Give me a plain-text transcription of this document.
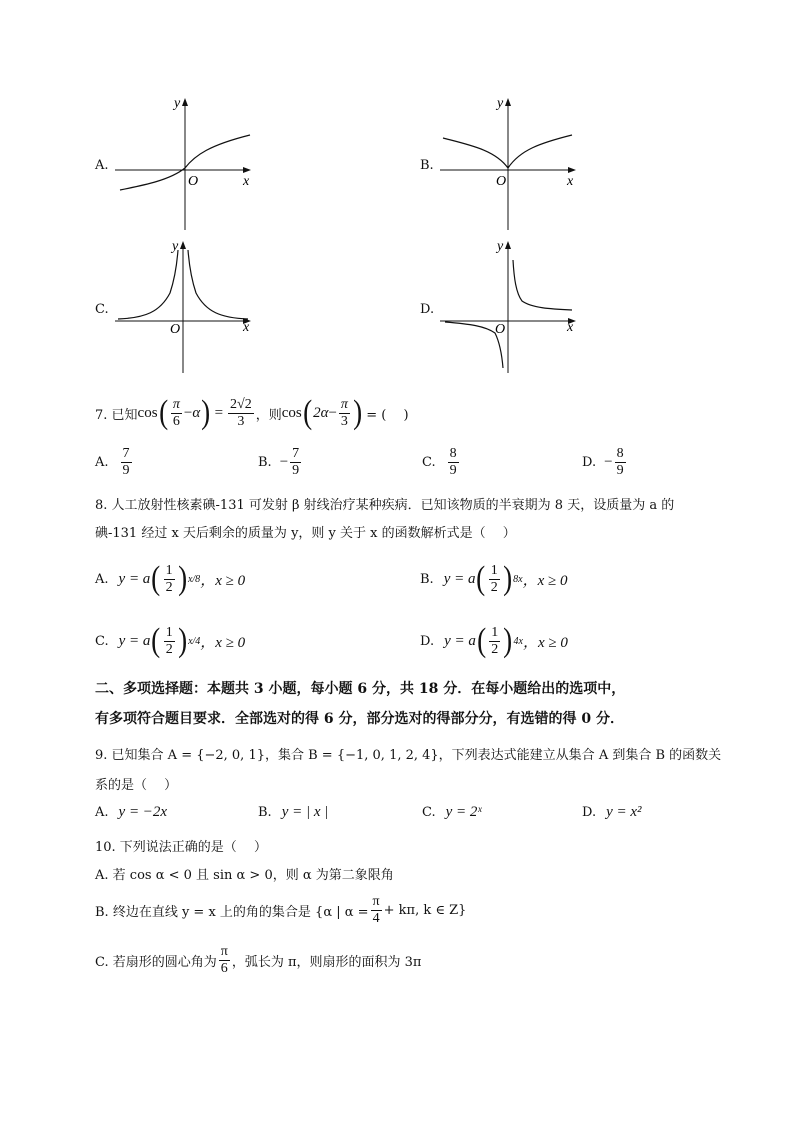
A.
y
x
O
B.
y
x
O
C.
y
x
O
D.
y
x
O
7. 已知 cos ( $\frac{\pi}{6} - \alpha$ ) = $\frac{2√2}{3}$ ，则 cos ( $2\alpha - \frac{\pi}{3}$ ) = (　 )
A. $\frac{7}{9}$	B. − $\frac{7}{9}$	C. $\frac{8}{9}$	D. − $\frac{8}{9}$
8. 人工放射性核素碘-131 可发射 β 射线治疗某种疾病．已知该物质的半衰期为 8 天，设质量为 a 的
碘-131 经过 x 天后剩余的质量为 y，则 y 关于 x 的函数解析式是（　 ）
A. y = a ( $\frac{1}{2}$ ) x/8 ，x ≥ 0	B. y = a ( $\frac{1}{2}$ ) 8x ，x ≥ 0
C. y = a ( $\frac{1}{2}$ ) x/4 ，x ≥ 0	D. y = a ( $\frac{1}{2}$ ) 4x ，x ≥ 0
二、多项选择题：本题共 3 小题，每小题 6 分，共 18 分．在每小题给出的选项中，
有多项符合题目要求．全部选对的得 6 分，部分选对的得部分分，有选错的得 0 分．
9. 已知集合 A = {−2, 0, 1}，集合 B = {−1, 0, 1, 2, 4}，下列表达式能建立从集合 A 到集合 B 的函数关
系的是（　 ）
A. y = −2x	B. y = | x |	C. y = 2ˣ	D. y = x²
10. 下列说法正确的是（　 ）
A. 若 cos α < 0 且 sin α > 0，则 α 为第二象限角
B. 终边在直线 y = x 上的角的集合是 {α | $\alpha = \frac{\pi}{4} + k\pi$, k ∈ Z}
C. 若扇形的圆心角为 $\frac{\pi}{6}$ ，弧长为 π，则扇形的面积为 3π
